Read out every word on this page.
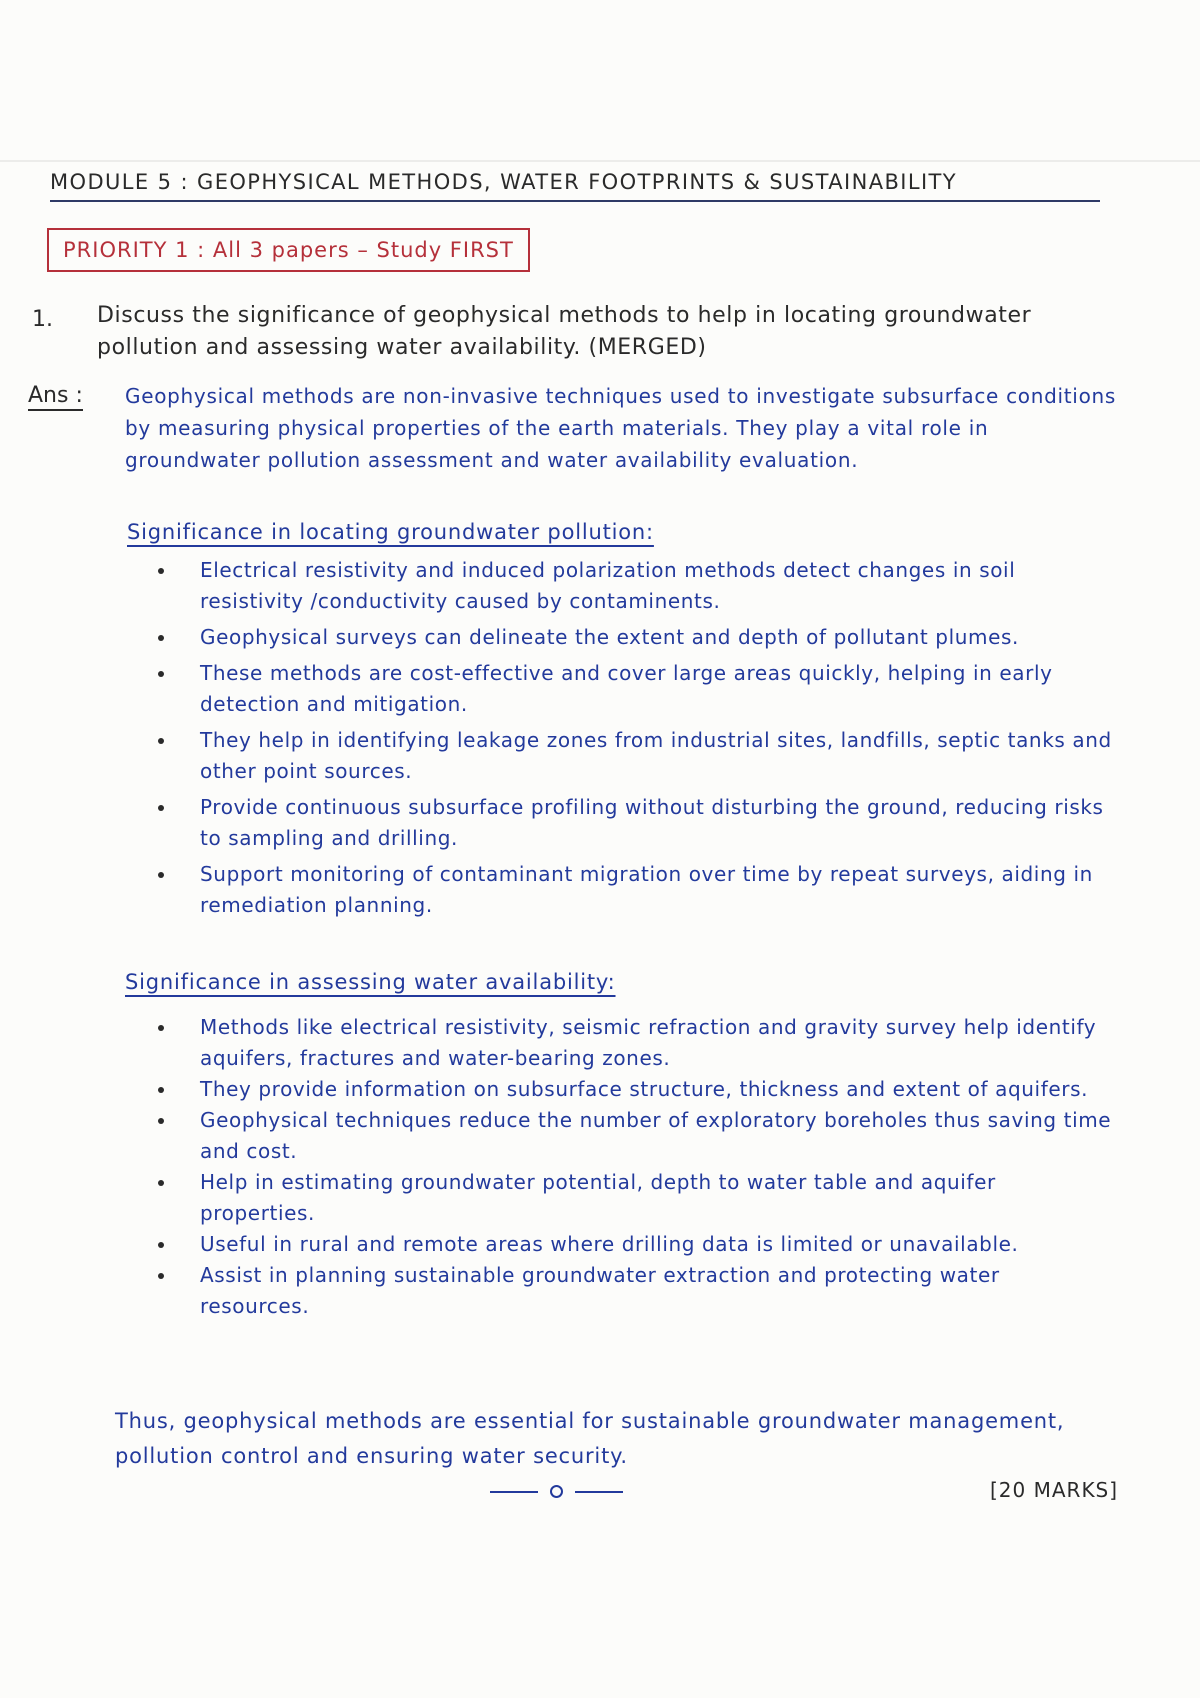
MODULE 5 : GEOPHYSICAL METHODS, WATER FOOTPRINTS & SUSTAINABILITY
PRIORITY 1 : All 3 papers – Study FIRST
1. Discuss the significance of geophysical methods to help in locating groundwater pollution and assessing water availability. (MERGED)
Ans : Geophysical methods are non-invasive techniques used to investigate subsurface conditions by measuring physical properties of the earth materials. They play a vital role in groundwater pollution assessment and water availability evaluation.
Significance in locating groundwater pollution:
Electrical resistivity and induced polarization methods detect changes in soil resistivity /conductivity caused by contaminents.
Geophysical surveys can delineate the extent and depth of pollutant plumes.
These methods are cost-effective and cover large areas quickly, helping in early detection and mitigation.
They help in identifying leakage zones from industrial sites, landfills, septic tanks and other point sources.
Provide continuous subsurface profiling without disturbing the ground, reducing risks to sampling and drilling.
Support monitoring of contaminant migration over time by repeat surveys, aiding in remediation planning.
Significance in assessing water availability:
Methods like electrical resistivity, seismic refraction and gravity survey help identify aquifers, fractures and water-bearing zones.
They provide information on subsurface structure, thickness and extent of aquifers.
Geophysical techniques reduce the number of exploratory boreholes thus saving time and cost.
Help in estimating groundwater potential, depth to water table and aquifer properties.
Useful in rural and remote areas where drilling data is limited or unavailable.
Assist in planning sustainable groundwater extraction and protecting water resources.
Thus, geophysical methods are essential for sustainable groundwater management, pollution control and ensuring water security.
[20 MARKS]
